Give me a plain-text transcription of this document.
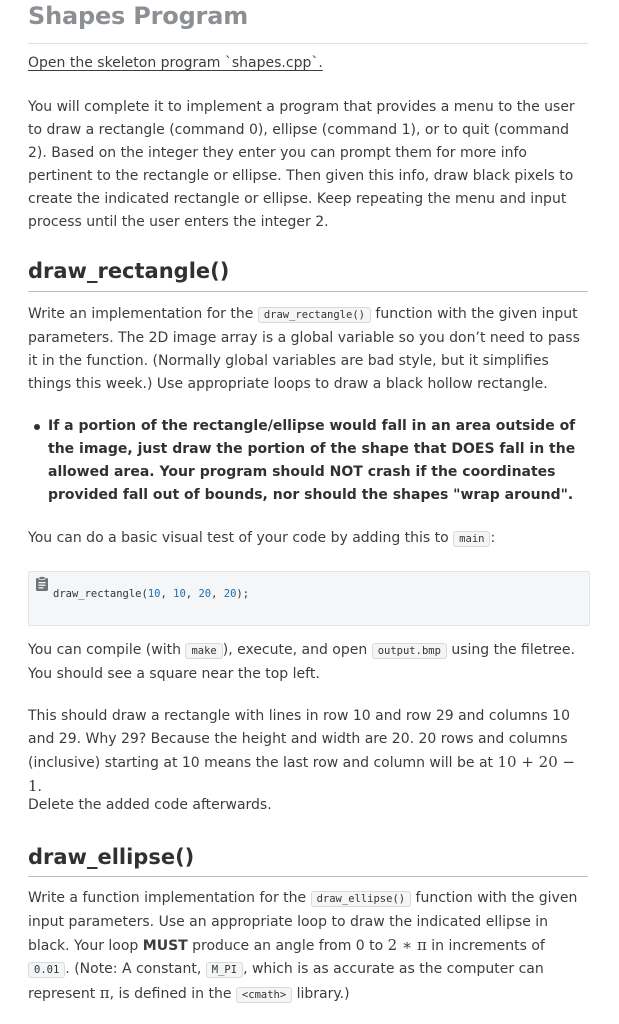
Shapes Program

Open the skeleton program `shapes.cpp`.

You will complete it to implement a program that provides a menu to the user to draw a rectangle (command 0), ellipse (command 1), or to quit (command 2). Based on the integer they enter you can prompt them for more info pertinent to the rectangle or ellipse. Then given this info, draw black pixels to create the indicated rectangle or ellipse. Keep repeating the menu and input process until the user enters the integer 2.

draw_rectangle()

Write an implementation for the draw_rectangle() function with the given input parameters. The 2D image array is a global variable so you don’t need to pass it in the function. (Normally global variables are bad style, but it simplifies things this week.) Use appropriate loops to draw a black hollow rectangle.

If a portion of the rectangle/ellipse would fall in an area outside of the image, just draw the portion of the shape that DOES fall in the allowed area. Your program should NOT crash if the coordinates provided fall out of bounds, nor should the shapes "wrap around".

You can do a basic visual test of your code by adding this to main :

draw_rectangle(10, 10, 20, 20);

You can compile (with make ), execute, and open output.bmp using the filetree. You should see a square near the top left.

This should draw a rectangle with lines in row 10 and row 29 and columns 10 and 29. Why 29? Because the height and width are 20. 20 rows and columns (inclusive) starting at 10 means the last row and column will be at 10 + 20 − 1.

Delete the added code afterwards.

draw_ellipse()

Write a function implementation for the draw_ellipse() function with the given input parameters. Use an appropriate loop to draw the indicated ellipse in black. Your loop MUST produce an angle from 0 to 2 ∗ π in increments of 0.01 . (Note: A constant, M_PI , which is as accurate as the computer can represent π, is defined in the <cmath> library.)
